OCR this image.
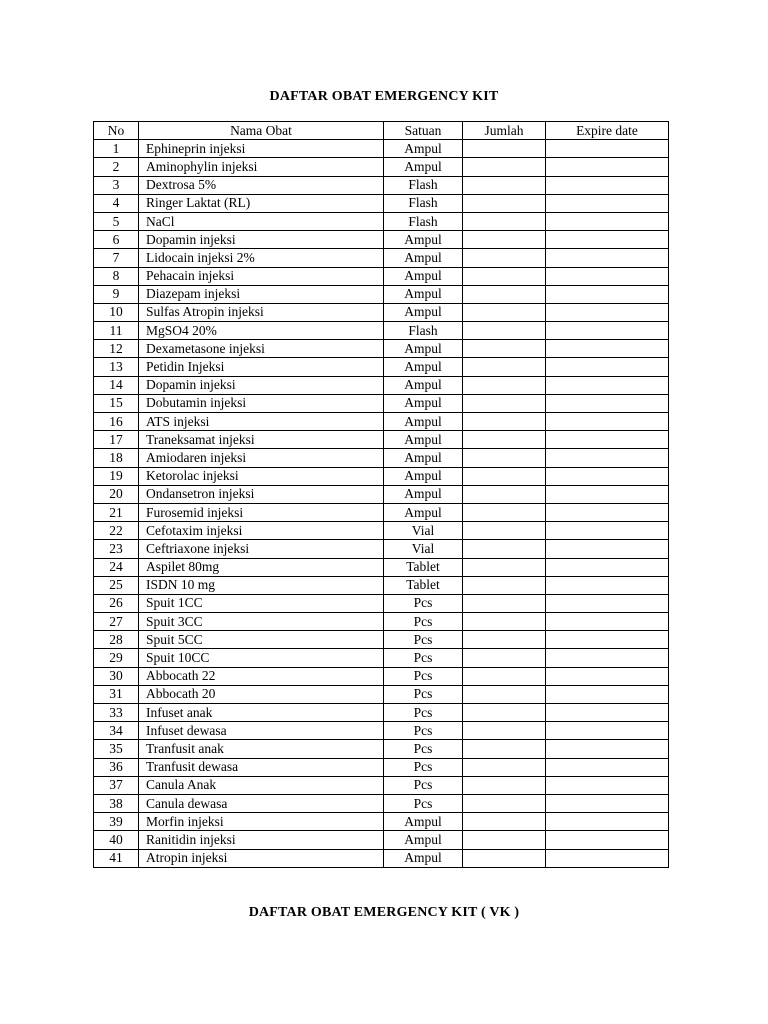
DAFTAR OBAT EMERGENCY KIT
No	Nama Obat	Satuan	Jumlah	Expire date
1	Ephineprin injeksi	Ampul		
2	Aminophylin injeksi	Ampul		
3	Dextrosa 5%	Flash		
4	Ringer Laktat (RL)	Flash		
5	NaCl	Flash		
6	Dopamin injeksi	Ampul		
7	Lidocain injeksi 2%	Ampul		
8	Pehacain injeksi	Ampul		
9	Diazepam injeksi	Ampul		
10	Sulfas Atropin injeksi	Ampul		
11	MgSO4 20%	Flash		
12	Dexametasone injeksi	Ampul		
13	Petidin Injeksi	Ampul		
14	Dopamin injeksi	Ampul		
15	Dobutamin injeksi	Ampul		
16	ATS injeksi	Ampul		
17	Traneksamat injeksi	Ampul		
18	Amiodaren injeksi	Ampul		
19	Ketorolac injeksi	Ampul		
20	Ondansetron injeksi	Ampul		
21	Furosemid injeksi	Ampul		
22	Cefotaxim injeksi	Vial		
23	Ceftriaxone injeksi	Vial		
24	Aspilet 80mg	Tablet		
25	ISDN 10 mg	Tablet		
26	Spuit 1CC	Pcs		
27	Spuit 3CC	Pcs		
28	Spuit 5CC	Pcs		
29	Spuit 10CC	Pcs		
30	Abbocath 22	Pcs		
31	Abbocath 20	Pcs		
33	Infuset anak	Pcs		
34	Infuset dewasa	Pcs		
35	Tranfusit anak	Pcs		
36	Tranfusit dewasa	Pcs		
37	Canula Anak	Pcs		
38	Canula dewasa	Pcs		
39	Morfin injeksi	Ampul		
40	Ranitidin injeksi	Ampul		
41	Atropin injeksi	Ampul		
DAFTAR OBAT EMERGENCY KIT ( VK )
